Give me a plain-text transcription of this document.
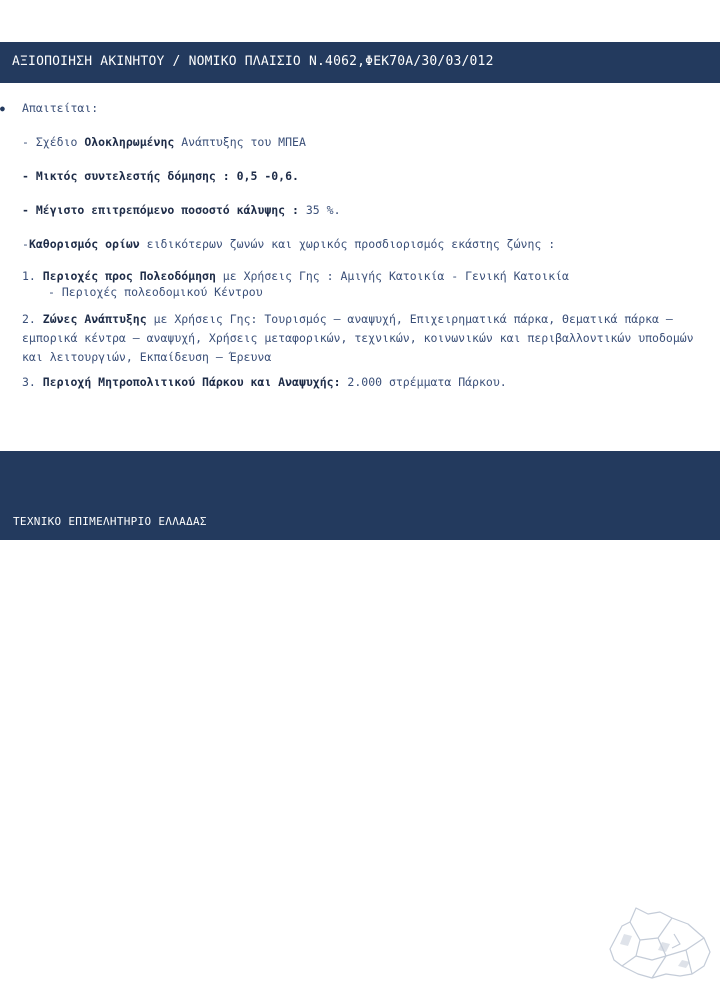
ΑΞΙΟΠΟΙΗΣΗ ΑΚΙΝΗΤΟΥ / ΝΟΜΙΚΟ ΠΛΑΙΣΙΟ Ν.4062,ΦΕΚ70Α/30/03/012
● Απαιτείται:

- Σχέδιο Ολοκληρωμένης Ανάπτυξης του ΜΠΕΑ

- Μικτός συντελεστής δόμησης : 0,5 -0,6.

- Μέγιστο επιτρεπόμενο ποσοστό κάλυψης : 35 %.

-Καθορισμός ορίων ειδικότερων ζωνών και χωρικός προσδιορισμός εκάστης ζώνης :

1. Περιοχές προς Πολεοδόμηση με Χρήσεις Γης : Αμιγής Κατοικία - Γενική Κατοικία

- Περιοχές πολεοδομικού Κέντρου

2. Ζώνες Ανάπτυξης με Χρήσεις Γης: Τουρισμός – αναψυχή, Επιχειρηματικά πάρκα, Θεματικά πάρκα –εμπορικά κέντρα – αναψυχή, Χρήσεις μεταφορικών, τεχνικών, κοινωνικών και περιβαλλοντικών υποδομών και λειτουργιών, Εκπαίδευση – Έρευνα

3. Περιοχή Μητροπολιτικού Πάρκου και Αναψυχής: 2.000 στρέμματα Πάρκου.

ΤΕΧΝΙΚΟ ΕΠΙΜΕΛΗΤΗΡΙΟ ΕΛΛΑΔΑΣ
